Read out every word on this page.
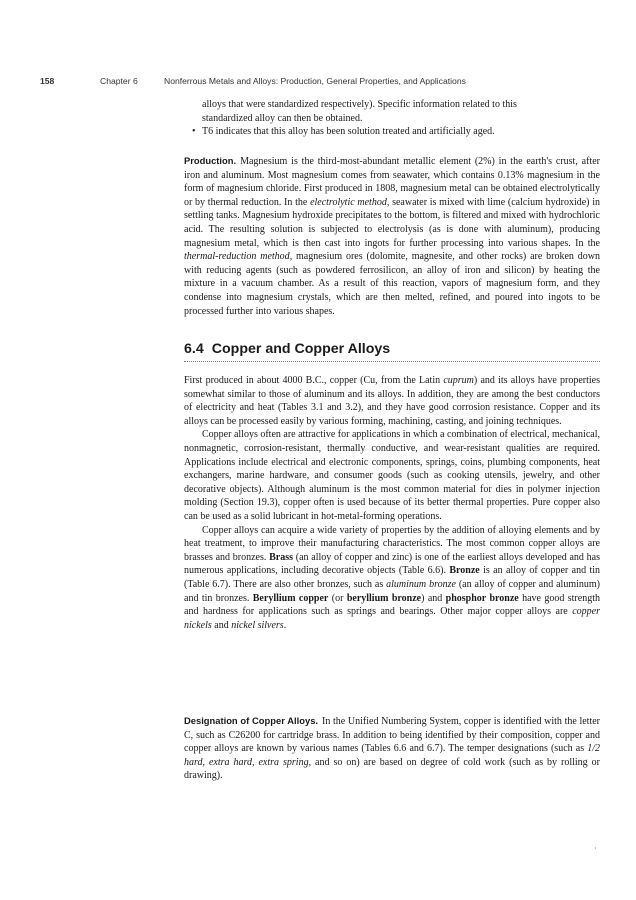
158	Chapter 6	Nonferrous Metals and Alloys: Production, General Properties, and Applications
alloys that were standardized respectively). Specific information related to this
standardized alloy can then be obtained.
• T6 indicates that this alloy has been solution treated and artificially aged.

Production. Magnesium is the third-most-abundant metallic element (2%) in the earth's crust, after iron and aluminum. Most magnesium comes from seawater, which contains 0.13% magnesium in the form of magnesium chloride. First produced in 1808, magnesium metal can be obtained electrolytically or by thermal reduction. In the electrolytic method, seawater is mixed with lime (calcium hydroxide) in settling tanks. Magnesium hydroxide precipitates to the bottom, is filtered and mixed with hydrochloric acid. The resulting solution is subjected to electrolysis (as is done with aluminum), producing magnesium metal, which is then cast into ingots for further processing into various shapes. In the thermal-reduction method, magnesium ores (dolomite, magnesite, and other rocks) are broken down with reducing agents (such as powdered ferrosilicon, an alloy of iron and silicon) by heating the mixture in a vacuum chamber. As a result of this reaction, vapors of magnesium form, and they condense into magnesium crystals, which are then melted, refined, and poured into ingots to be processed further into various shapes.

6.4 Copper and Copper Alloys

First produced in about 4000 B.C., copper (Cu, from the Latin cuprum) and its alloys have properties somewhat similar to those of aluminum and its alloys. In addition, they are among the best conductors of electricity and heat (Tables 3.1 and 3.2), and they have good corrosion resistance. Copper and its alloys can be processed easily by various forming, machining, casting, and joining techniques.

Copper alloys often are attractive for applications in which a combination of electrical, mechanical, nonmagnetic, corrosion-resistant, thermally conductive, and wear-resistant qualities are required. Applications include electrical and electronic components, springs, coins, plumbing components, heat exchangers, marine hardware, and consumer goods (such as cooking utensils, jewelry, and other decorative objects). Although aluminum is the most common material for dies in polymer injection molding (Section 19.3), copper often is used because of its better thermal properties. Pure copper also can be used as a solid lubricant in hot-metal-forming operations.

Copper alloys can acquire a wide variety of properties by the addition of alloying elements and by heat treatment, to improve their manufacturing characteristics. The most common copper alloys are brasses and bronzes. Brass (an alloy of copper and zinc) is one of the earliest alloys developed and has numerous applications, including decorative objects (Table 6.6). Bronze is an alloy of copper and tin (Table 6.7). There are also other bronzes, such as aluminum bronze (an alloy of copper and aluminum) and tin bronzes. Beryllium copper (or beryllium bronze) and phosphor bronze have good strength and hardness for applications such as springs and bearings. Other major copper alloys are copper nickels and nickel silvers.

Designation of Copper Alloys. In the Unified Numbering System, copper is identified with the letter C, such as C26200 for cartridge brass. In addition to being identified by their composition, copper and copper alloys are known by various names (Tables 6.6 and 6.7). The temper designations (such as 1/2 hard, extra hard, extra spring, and so on) are based on degree of cold work (such as by rolling or drawing).

·
